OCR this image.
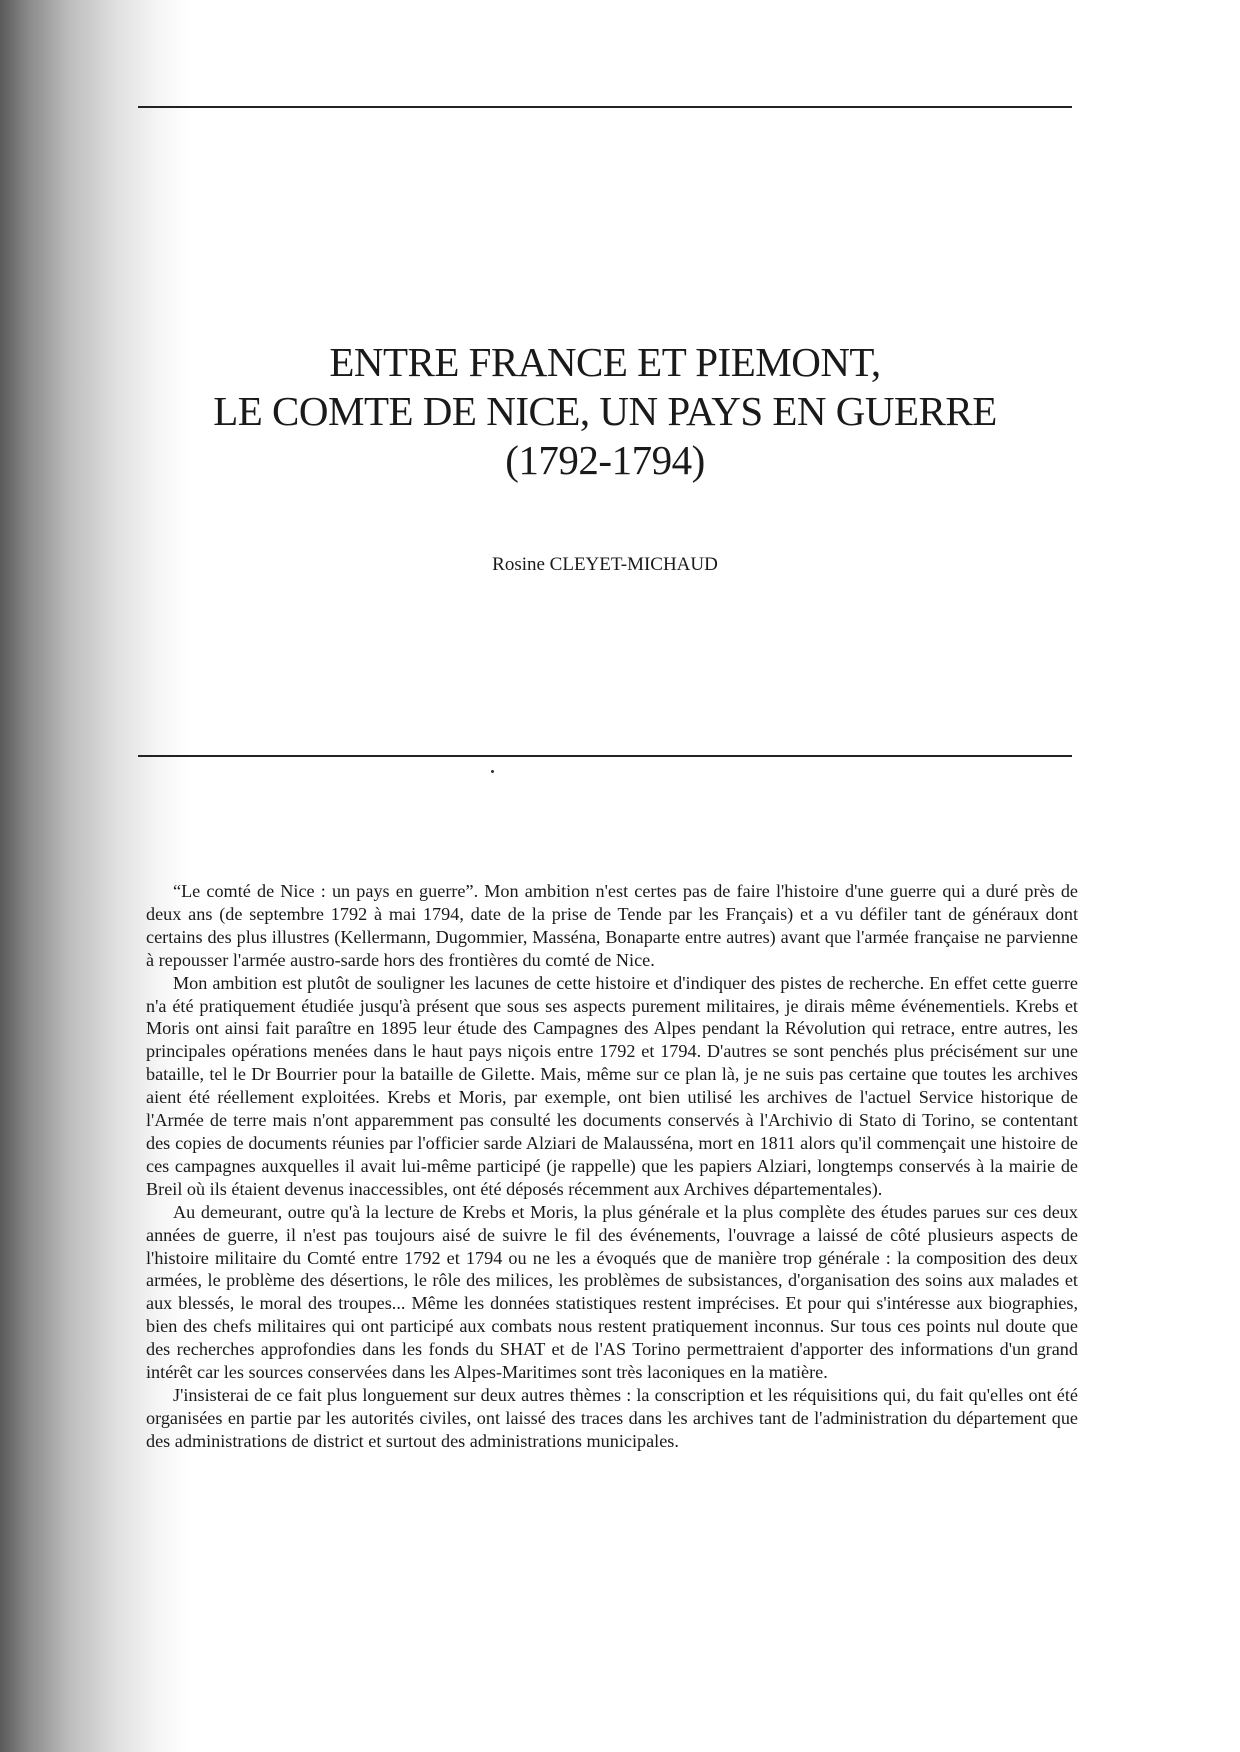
ENTRE FRANCE ET PIEMONT,
LE COMTE DE NICE, UN PAYS EN GUERRE
(1792-1794)
Rosine CLEYET-MICHAUD

“Le comté de Nice : un pays en guerre”. Mon ambition n'est certes pas de faire l'histoire d'une guerre qui a duré près de deux ans (de septembre 1792 à mai 1794, date de la prise de Tende par les Français) et a vu défiler tant de généraux dont certains des plus illustres (Kellermann, Dugommier, Masséna, Bonaparte entre autres) avant que l'armée française ne parvienne à repousser l'armée austro-sarde hors des frontières du comté de Nice.

Mon ambition est plutôt de souligner les lacunes de cette histoire et d'indiquer des pistes de recherche. En effet cette guerre n'a été pratiquement étudiée jusqu'à présent que sous ses aspects purement militaires, je dirais même événementiels. Krebs et Moris ont ainsi fait paraître en 1895 leur étude des Campagnes des Alpes pendant la Révolution qui retrace, entre autres, les principales opérations menées dans le haut pays niçois entre 1792 et 1794. D'autres se sont penchés plus précisément sur une bataille, tel le Dr Bourrier pour la bataille de Gilette. Mais, même sur ce plan là, je ne suis pas certaine que toutes les archives aient été réellement exploitées. Krebs et Moris, par exemple, ont bien utilisé les archives de l'actuel Service historique de l'Armée de terre mais n'ont apparemment pas consulté les documents conservés à l'Archivio di Stato di Torino, se contentant des copies de documents réunies par l'officier sarde Alziari de Malausséna, mort en 1811 alors qu'il commençait une histoire de ces campagnes auxquelles il avait lui-même participé (je rappelle) que les papiers Alziari, longtemps conservés à la mairie de Breil où ils étaient devenus inaccessibles, ont été déposés récemment aux Archives départementales).

Au demeurant, outre qu'à la lecture de Krebs et Moris, la plus générale et la plus complète des études parues sur ces deux années de guerre, il n'est pas toujours aisé de suivre le fil des événements, l'ouvrage a laissé de côté plusieurs aspects de l'histoire militaire du Comté entre 1792 et 1794 ou ne les a évoqués que de manière trop générale : la composition des deux armées, le problème des désertions, le rôle des milices, les problèmes de subsistances, d'organisation des soins aux malades et aux blessés, le moral des troupes... Même les données statistiques restent imprécises. Et pour qui s'intéresse aux biographies, bien des chefs militaires qui ont participé aux combats nous restent pratiquement inconnus. Sur tous ces points nul doute que des recherches approfondies dans les fonds du SHAT et de l'AS Torino permettraient d'apporter des informations d'un grand intérêt car les sources conservées dans les Alpes-Maritimes sont très laconiques en la matière.

J'insisterai de ce fait plus longuement sur deux autres thèmes : la conscription et les réquisitions qui, du fait qu'elles ont été organisées en partie par les autorités civiles, ont laissé des traces dans les archives tant de l'administration du département que des administrations de district et surtout des administrations municipales.
